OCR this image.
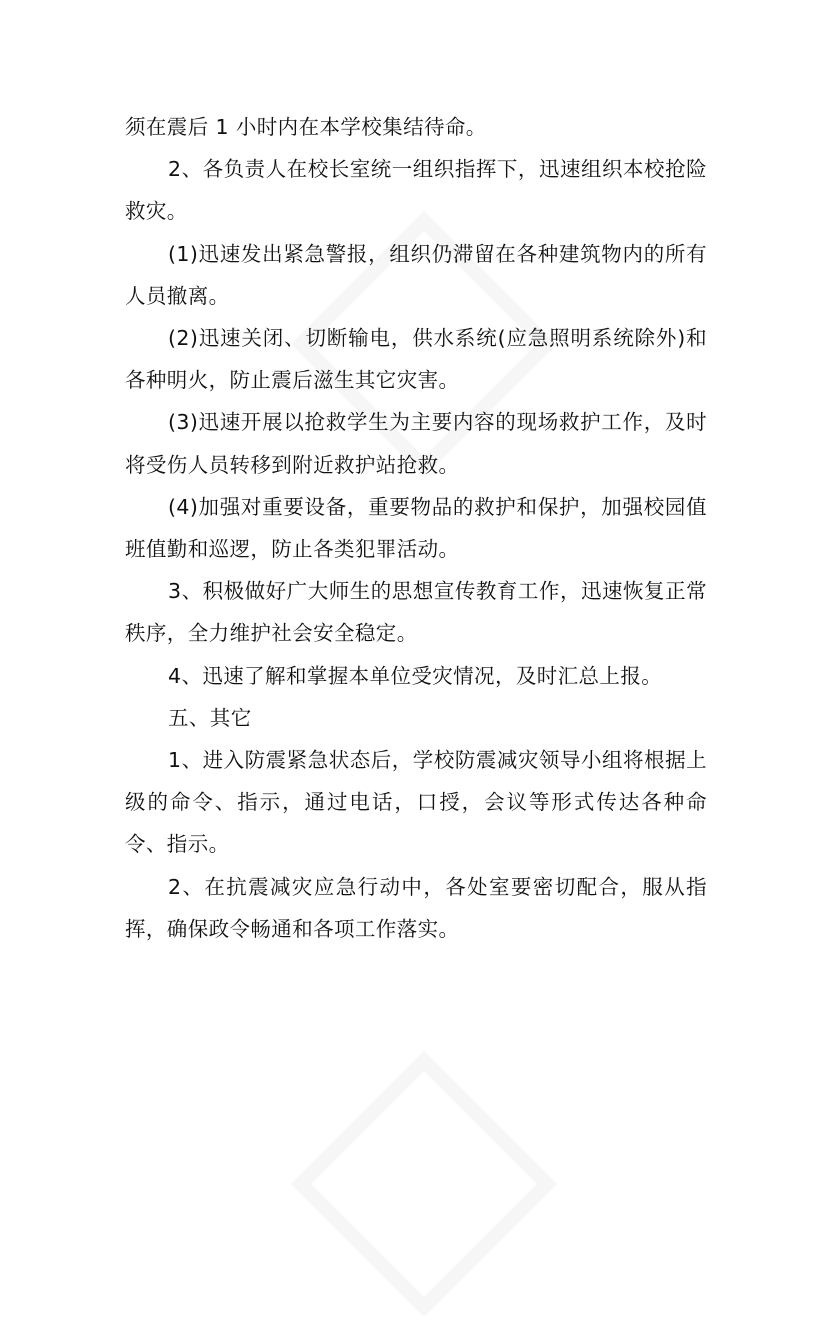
须在震后 1 小时内在本学校集结待命。

2、各负责人在校长室统一组织指挥下，迅速组织本校抢险救灾。

(1)迅速发出紧急警报，组织仍滞留在各种建筑物内的所有人员撤离。

(2)迅速关闭、切断输电，供水系统(应急照明系统除外)和各种明火，防止震后滋生其它灾害。

(3)迅速开展以抢救学生为主要内容的现场救护工作，及时将受伤人员转移到附近救护站抢救。

(4)加强对重要设备，重要物品的救护和保护，加强校园值班值勤和巡逻，防止各类犯罪活动。

3、积极做好广大师生的思想宣传教育工作，迅速恢复正常秩序，全力维护社会安全稳定。

4、迅速了解和掌握本单位受灾情况，及时汇总上报。

五、其它

1、进入防震紧急状态后，学校防震减灾领导小组将根据上级的命令、指示，通过电话，口授，会议等形式传达各种命令、指示。

2、在抗震减灾应急行动中，各处室要密切配合，服从指挥，确保政令畅通和各项工作落实。
